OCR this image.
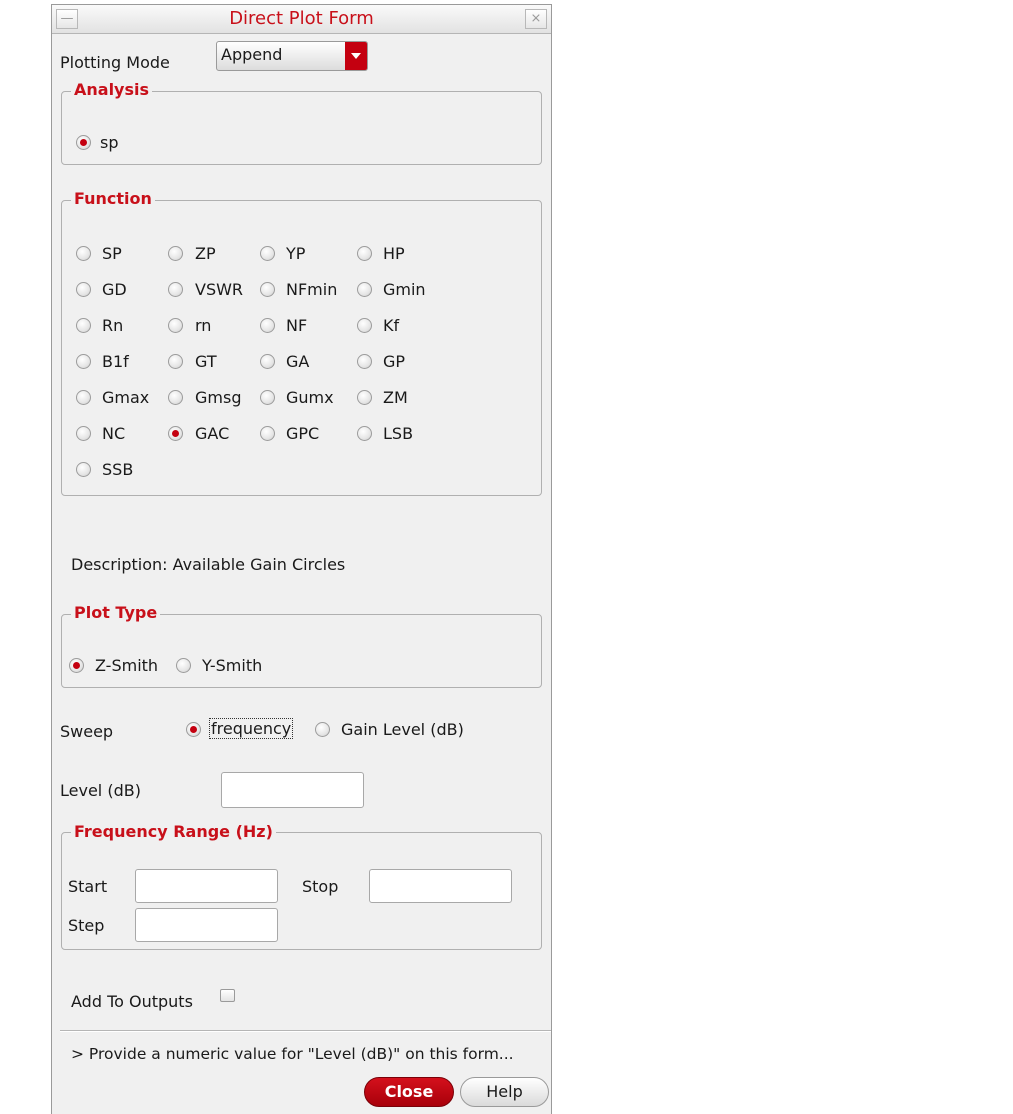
—	Direct Plot Form	⨯
Plotting Mode	Append
Analysis
sp
Function
SP	ZP	YP	HP
GD	VSWR	NFmin	Gmin
Rn	rn	NF	Kf
B1f	GT	GA	GP
Gmax	Gmsg	Gumx	ZM
NC	GAC	GPC	LSB
SSB
Description: Available Gain Circles
Plot Type
Z-Smith	Y-Smith
Sweep	frequency	Gain Level (dB)
Level (dB)
Frequency Range (Hz)
Start	Stop
Step
Add To Outputs
> Provide a numeric value for "Level (dB)" on this form...
Close	Help
